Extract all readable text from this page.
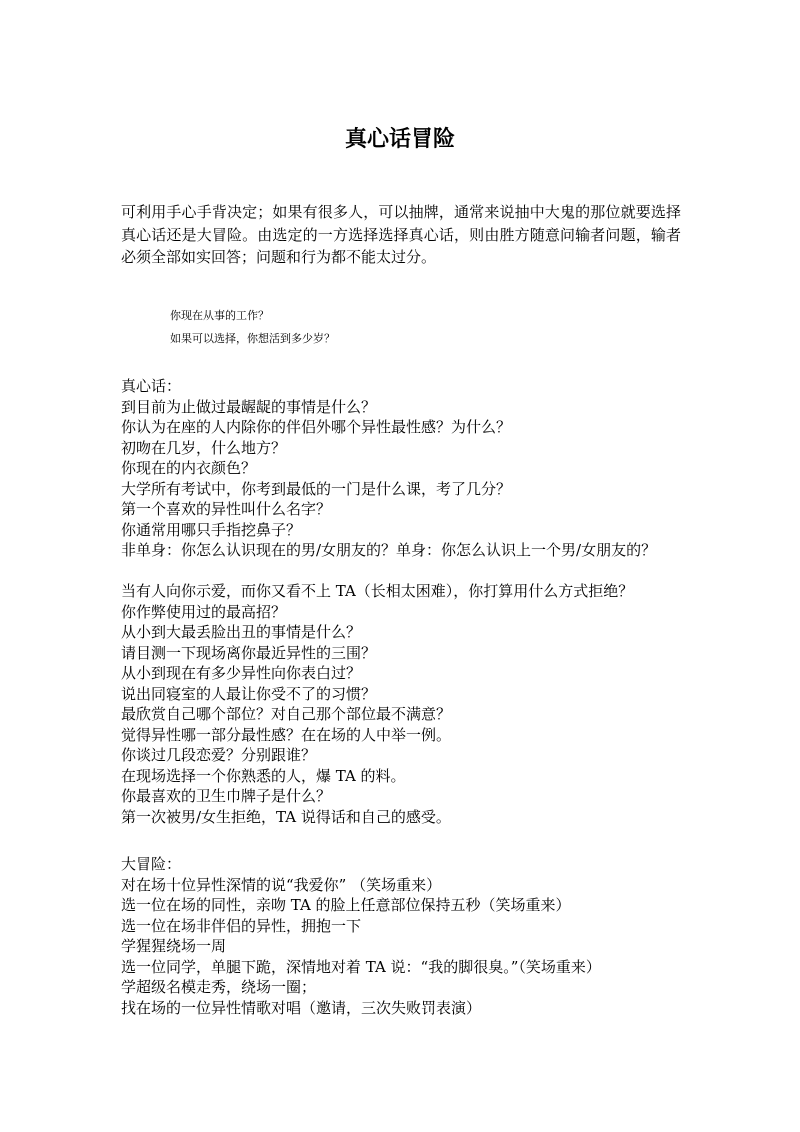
真心话冒险

可利用手心手背决定；如果有很多人，可以抽牌，通常来说抽中大鬼的那位就要选择真心话还是大冒险。由选定的一方选择选择真心话，则由胜方随意问输者问题，输者必须全部如实回答；问题和行为都不能太过分。

你现在从事的工作？
如果可以选择，你想活到多少岁？
真心话：
到目前为止做过最龌龊的事情是什么？
你认为在座的人内除你的伴侣外哪个异性最性感？为什么？
初吻在几岁，什么地方？
你现在的内衣颜色？
大学所有考试中，你考到最低的一门是什么课，考了几分？
第一个喜欢的异性叫什么名字？
你通常用哪只手指挖鼻子？
非单身：你怎么认识现在的男/女朋友的？单身：你怎么认识上一个男/女朋友的？
当有人向你示爱，而你又看不上 TA（长相太困难），你打算用什么方式拒绝？
你作弊使用过的最高招？
从小到大最丢脸出丑的事情是什么？
请目测一下现场离你最近异性的三围？
从小到现在有多少异性向你表白过？
说出同寝室的人最让你受不了的习惯？
最欣赏自己哪个部位？对自己那个部位最不满意？
觉得异性哪一部分最性感？在在场的人中举一例。
你谈过几段恋爱？分别跟谁？
在现场选择一个你熟悉的人，爆 TA 的料。
你最喜欢的卫生巾牌子是什么？
第一次被男/女生拒绝，TA 说得话和自己的感受。
大冒险：
对在场十位异性深情的说“我爱你” （笑场重来）
选一位在场的同性，亲吻 TA 的脸上任意部位保持五秒（笑场重来）
选一位在场非伴侣的异性，拥抱一下
学猩猩绕场一周
选一位同学，单腿下跪，深情地对着 TA 说：“我的脚很臭。”（笑场重来）
学超级名模走秀，绕场一圈；
找在场的一位异性情歌对唱（邀请，三次失败罚表演）
